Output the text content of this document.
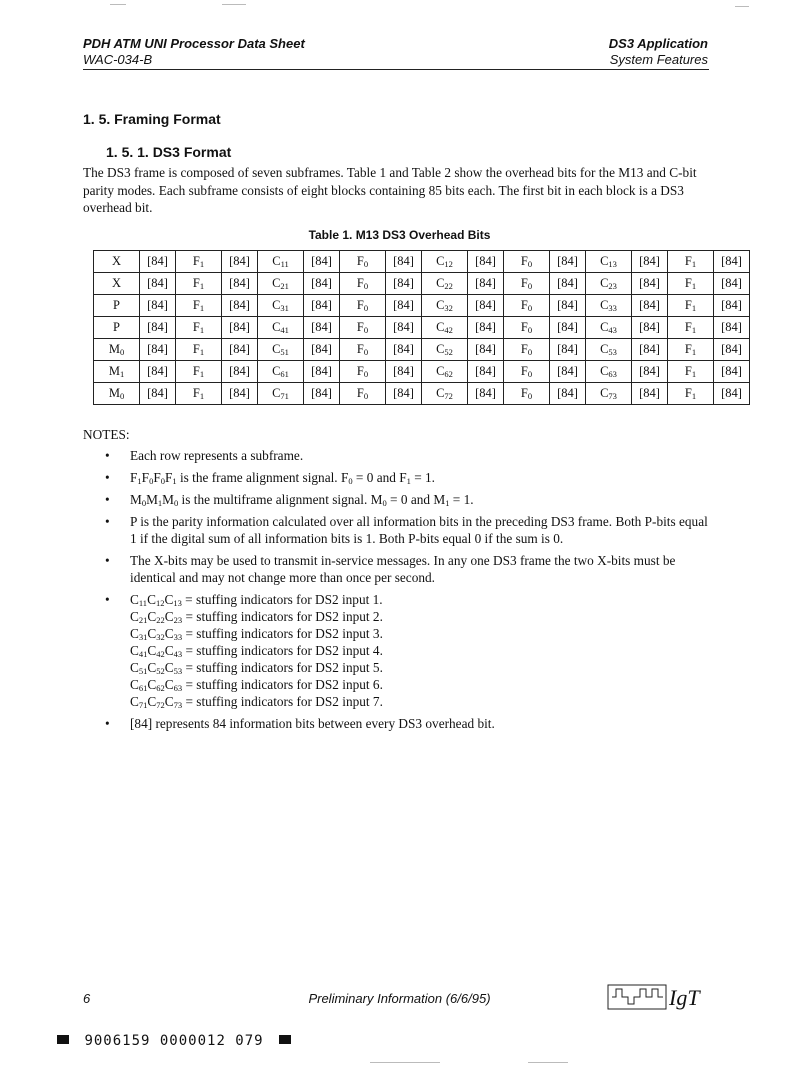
PDH ATM UNI Processor Data Sheet
WAC-034-B
DS3 Application
System Features
1. 5. Framing Format
1. 5. 1. DS3 Format
The DS3 frame is composed of seven subframes. Table 1 and Table 2 show the overhead bits for the M13 and C-bit parity modes. Each subframe consists of eight blocks containing 85 bits each. The first bit in each block is a DS3 overhead bit.
Table 1. M13 DS3 Overhead Bits
X	[84]	$F_1$	[84]	$C_{11}$	[84]	$F_0$	[84]	$C_{12}$	[84]	$F_0$	[84]	$C_{13}$	[84]	$F_1$	[84]
X	[84]	$F_1$	[84]	$C_{21}$	[84]	$F_0$	[84]	$C_{22}$	[84]	$F_0$	[84]	$C_{23}$	[84]	$F_1$	[84]
P	[84]	$F_1$	[84]	$C_{31}$	[84]	$F_0$	[84]	$C_{32}$	[84]	$F_0$	[84]	$C_{33}$	[84]	$F_1$	[84]
P	[84]	$F_1$	[84]	$C_{41}$	[84]	$F_0$	[84]	$C_{42}$	[84]	$F_0$	[84]	$C_{43}$	[84]	$F_1$	[84]
$M_0$	[84]	$F_1$	[84]	$C_{51}$	[84]	$F_0$	[84]	$C_{52}$	[84]	$F_0$	[84]	$C_{53}$	[84]	$F_1$	[84]
$M_1$	[84]	$F_1$	[84]	$C_{61}$	[84]	$F_0$	[84]	$C_{62}$	[84]	$F_0$	[84]	$C_{63}$	[84]	$F_1$	[84]
$M_0$	[84]	$F_1$	[84]	$C_{71}$	[84]	$F_0$	[84]	$C_{72}$	[84]	$F_0$	[84]	$C_{73}$	[84]	$F_1$	[84]
NOTES:
• Each row represents a subframe.
• $F_1F_0F_0F_1$ is the frame alignment signal. $F_0 = 0$ and $F_1 = 1$.
• $M_0M_1M_0$ is the multiframe alignment signal. $M_0 = 0$ and $M_1 = 1$.
• P is the parity information calculated over all information bits in the preceding DS3 frame. Both P-bits equal 1 if the digital sum of all information bits is 1. Both P-bits equal 0 if the sum is 0.
• The X-bits may be used to transmit in-service messages. In any one DS3 frame the two X-bits must be identical and may not change more than once per second.
• $C_{11}C_{12}C_{13}$ = stuffing indicators for DS2 input 1.
$C_{21}C_{22}C_{23}$ = stuffing indicators for DS2 input 2.
$C_{31}C_{32}C_{33}$ = stuffing indicators for DS2 input 3.
$C_{41}C_{42}C_{43}$ = stuffing indicators for DS2 input 4.
$C_{51}C_{52}C_{53}$ = stuffing indicators for DS2 input 5.
$C_{61}C_{62}C_{63}$ = stuffing indicators for DS2 input 6.
$C_{71}C_{72}C_{73}$ = stuffing indicators for DS2 input 7.
• [84] represents 84 information bits between every DS3 overhead bit.
6	Preliminary Information (6/6/95)	IgT
9006159 0000012 079
